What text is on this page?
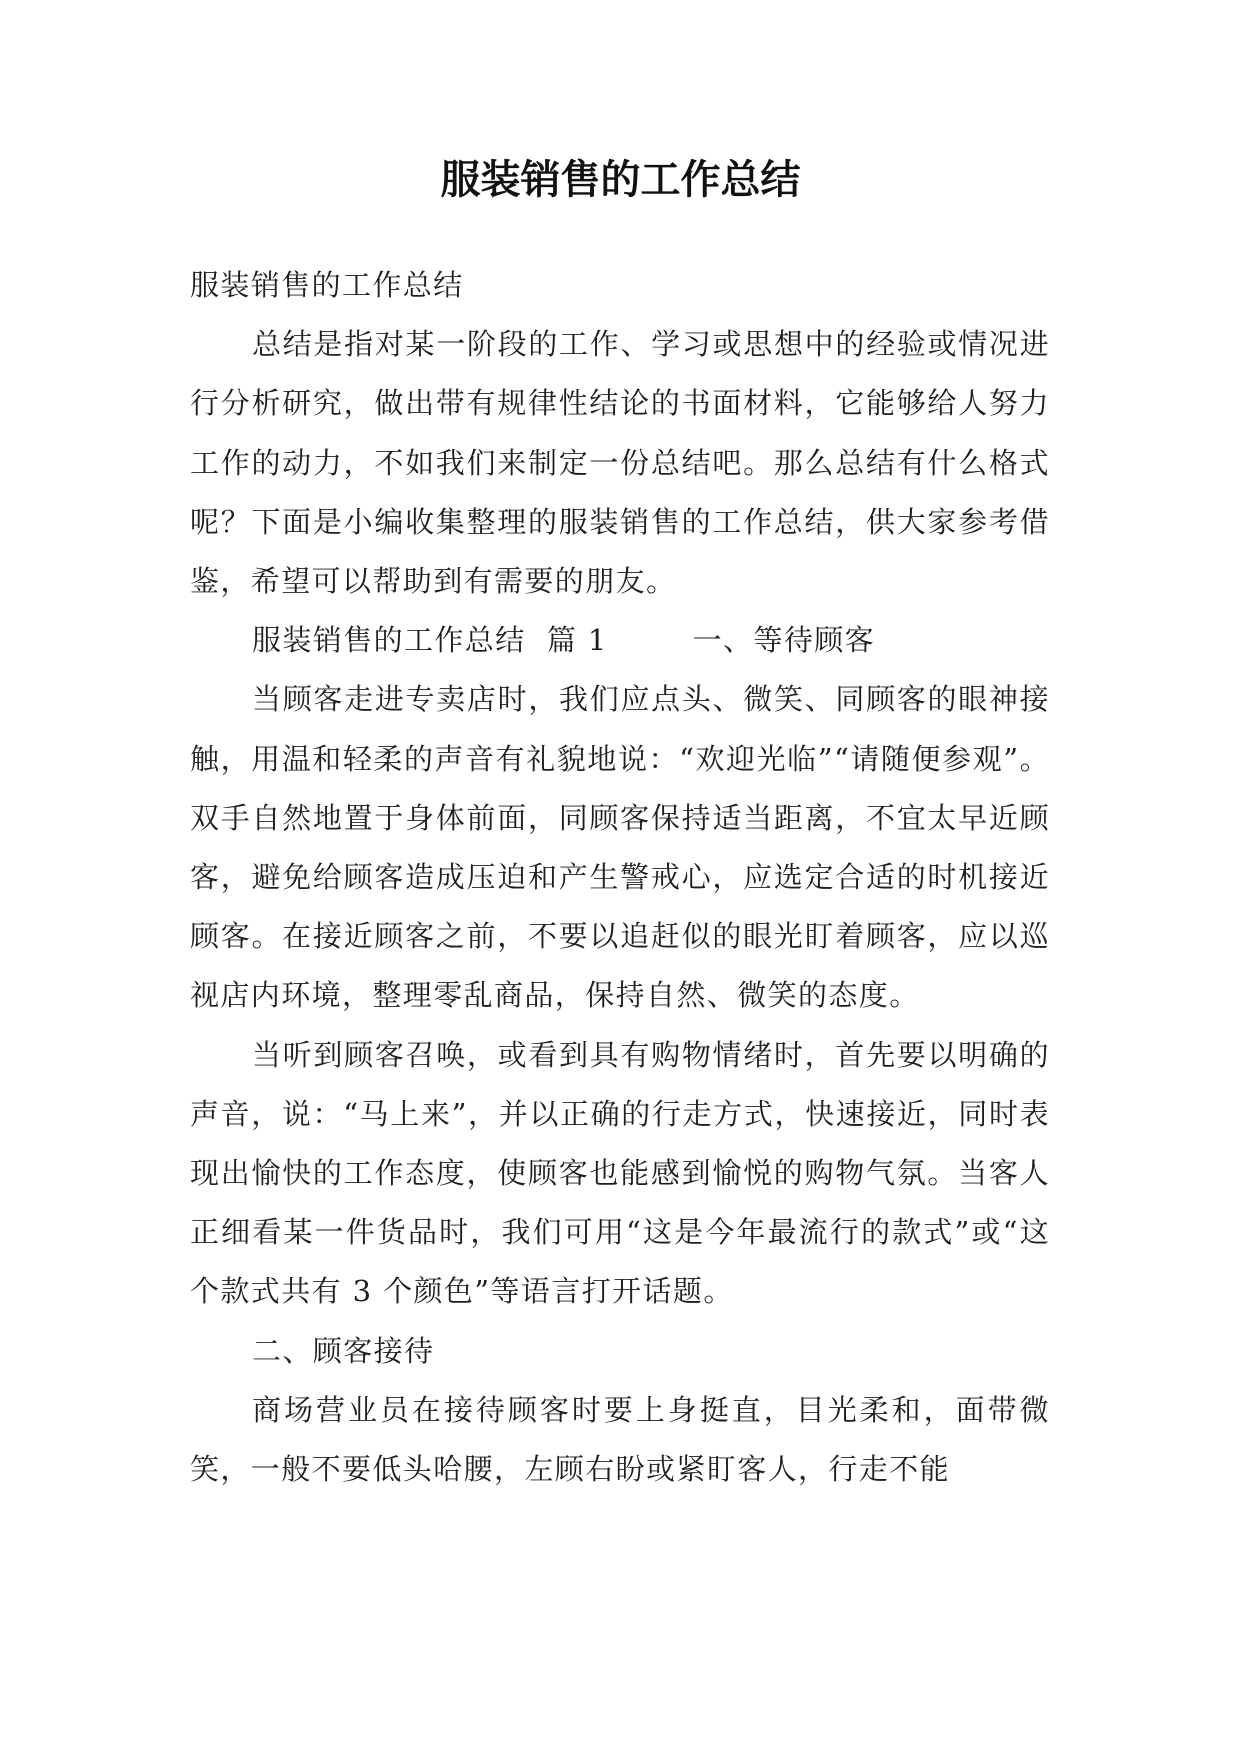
服装销售的工作总结

服装销售的工作总结

总结是指对某一阶段的工作、学习或思想中的经验或情况进行分析研究，做出带有规律性结论的书面材料，它能够给人努力工作的动力，不如我们来制定一份总结吧。那么总结有什么格式呢？下面是小编收集整理的服装销售的工作总结，供大家参考借鉴，希望可以帮助到有需要的朋友。

服装销售的工作总结  篇 1        一、等待顾客

当顾客走进专卖店时，我们应点头、微笑、同顾客的眼神接触，用温和轻柔的声音有礼貌地说：“欢迎光临”“请随便参观”。双手自然地置于身体前面，同顾客保持适当距离，不宜太早近顾客，避免给顾客造成压迫和产生警戒心，应选定合适的时机接近顾客。在接近顾客之前，不要以追赶似的眼光盯着顾客，应以巡视店内环境，整理零乱商品，保持自然、微笑的态度。

当听到顾客召唤，或看到具有购物情绪时，首先要以明确的声音，说：“马上来”，并以正确的行走方式，快速接近，同时表现出愉快的工作态度，使顾客也能感到愉悦的购物气氛。当客人正细看某一件货品时，我们可用“这是今年最流行的款式”或“这个款式共有 3 个颜色”等语言打开话题。

二、顾客接待

商场营业员在接待顾客时要上身挺直，目光柔和，面带微笑，一般不要低头哈腰，左顾右盼或紧盯客人，行走不能
